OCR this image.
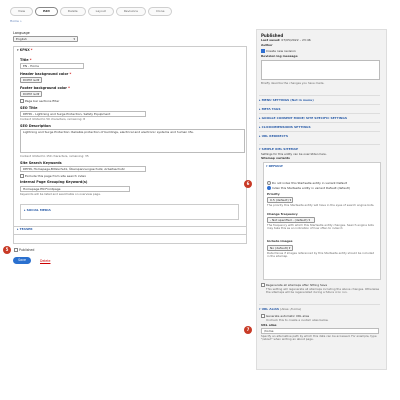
View	Edit	Delete	Layout	Revisions	Clone
Home »
Language
English	▾
▾ KPNX *
Title *
EN - Home
Header background color *
DCPM red▾
Footer background color *
DCPM red▾
Page bar sections filter
SEO Title
DEHN – Lightning and Surge Protection, Safety Equipment
Content limited to 50 characters, remaining: 8
SEO Description
Lightning and Surge Protection: Reliable protection of buildings, electrical and electronic systems and human life.
Content limited to 150 characters, remaining: 35
Site Search Keywords
DEHN, Homepage,Blitzschutz, Überspannungsschutz, Arbeitsschutz
Exclude this page from site search index
Internal Page Grouping Keyword(s)
Homepage EN Frontpage
Keywords will be listed and searchable on overview page.
▸ SOCIAL MEDIA
▸ TEASER
5	Published
Save	Delete
Published
Last saved: 07/05/2022 – 23:46
Author
Create new revision
Revision log message
Briefly describe the changes you have made.
▸ MENU SETTINGS (Not in menu)
▸ META TAGS
▸ GOOGLE CONSENT MODE/ SITE SPECIFIC SETTINGS
▸ CLICKDIMENSIONS SETTINGS
▸ URL REDIRECTS
▾ SIMPLE XML SITEMAP
Settings for this entity can be overridden here.
Sitemap variants
6
▾ DEFAULT
Do not index this Startseite entity in variant Default
Index this Startseite entity in variant Default (default)
Priority
0.5 (default) ▾
The priority this Startseite entity will have in the eyes of search engine bots.
Change frequency
- Not specified - (default) ▾
The frequency with which this Startseite entity changes. Search engine bots may take this as an indication of how often to index it.
Include images
No (default) ▾
Determines if images referenced by this Startseite entity should be included in the sitemap.
Regenerate all sitemaps after hitting Save
This setting will regenerate all sitemaps including the above changes. Otherwise the sitemaps will be regenerated during a future cron run.
▾ URL ALIAS (Alias: /home)
Generate automatic URL alias
Uncheck this to create a custom alias below.
URL alias
7	/home
Specify an alternative path by which this data can be accessed. For example, type "/about" when writing an about page.
